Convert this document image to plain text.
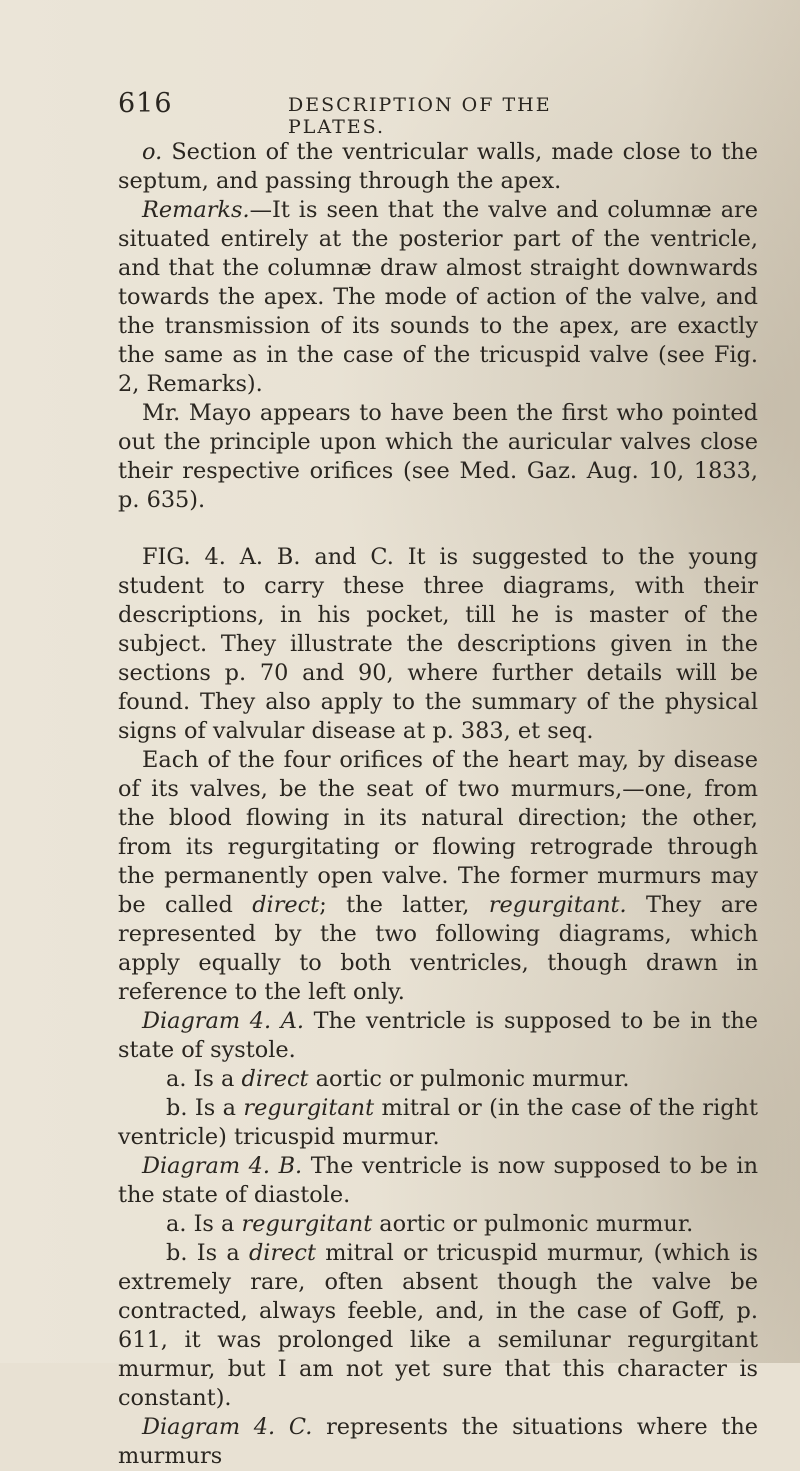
616	DESCRIPTION OF THE PLATES.

o. Section of the ventricular walls, made close to the septum, and passing through the apex.

Remarks.—It is seen that the valve and columnæ are situated entirely at the posterior part of the ventricle, and that the columnæ draw almost straight downwards towards the apex. The mode of action of the valve, and the transmission of its sounds to the apex, are exactly the same as in the case of the tricuspid valve (see Fig. 2, Remarks).

Mr. Mayo appears to have been the first who pointed out the principle upon which the auricular valves close their respective orifices (see Med. Gaz. Aug. 10, 1833, p. 635).

FIG. 4. A. B. and C. It is suggested to the young student to carry these three diagrams, with their descriptions, in his pocket, till he is master of the subject. They illustrate the descriptions given in the sections p. 70 and 90, where further details will be found. They also apply to the summary of the physical signs of valvular disease at p. 383, et seq.

Each of the four orifices of the heart may, by disease of its valves, be the seat of two murmurs,—one, from the blood flowing in its natural direction; the other, from its regurgitating or flowing retrograde through the permanently open valve. The former murmurs may be called direct; the latter, regurgitant. They are represented by the two following diagrams, which apply equally to both ventricles, though drawn in reference to the left only.

Diagram 4. A. The ventricle is supposed to be in the state of systole.

a. Is a direct aortic or pulmonic murmur.

b. Is a regurgitant mitral or (in the case of the right ventricle) tricuspid murmur.

Diagram 4. B. The ventricle is now supposed to be in the state of diastole.

a. Is a regurgitant aortic or pulmonic murmur.

b. Is a direct mitral or tricuspid murmur, (which is extremely rare, often absent though the valve be contracted, always feeble, and, in the case of Goff, p. 611, it was prolonged like a semilunar regurgitant murmur, but I am not yet sure that this character is constant).

Diagram 4. C. represents the situations where the murmurs
